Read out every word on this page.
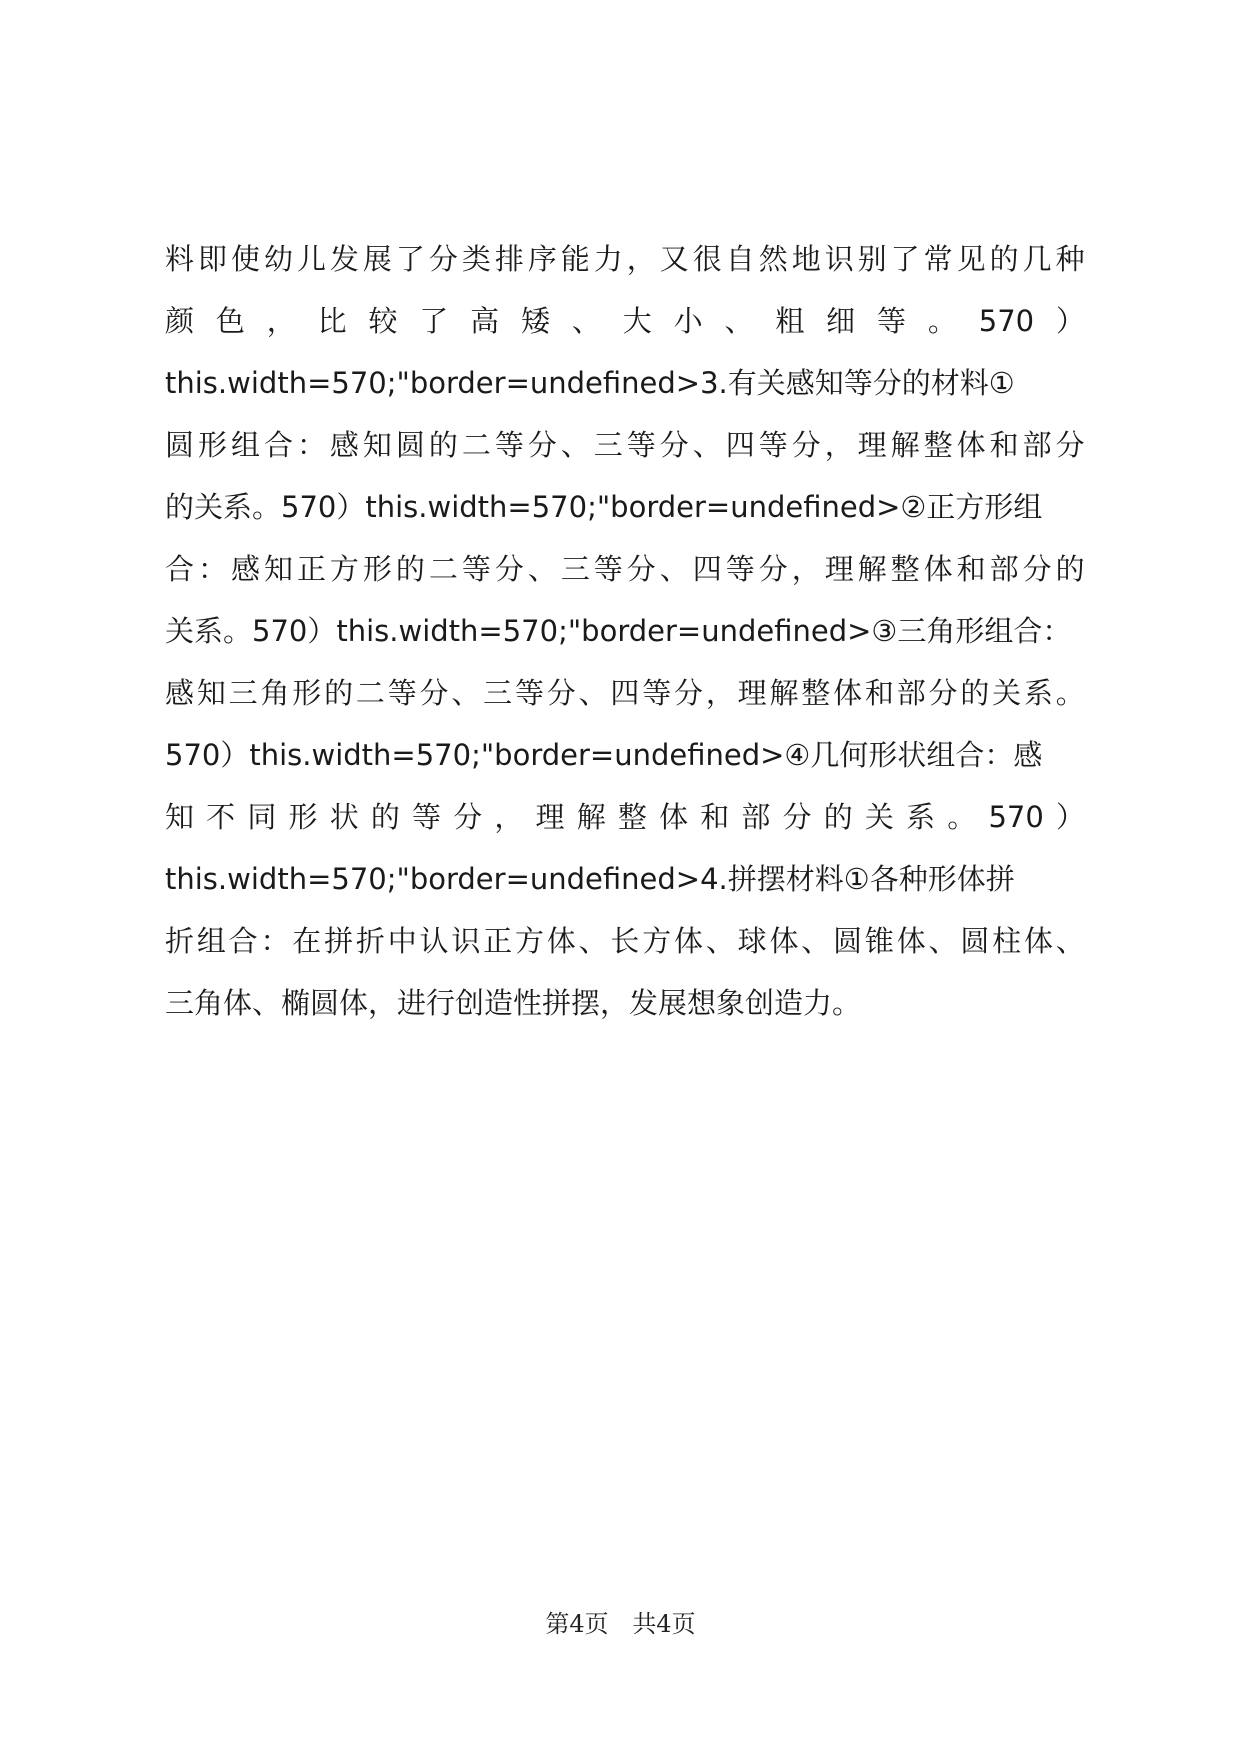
料 即 使 幼 儿 发 展 了 分 类 排 序 能 力 ， 又 很 自 然 地 识 别 了 常 见 的 几 种
颜 色 ， 比 较 了 高 矮 、 大 小 、 粗 细 等 。 570 ）
this.width=570;"border=undefined>3.有关感知等分的材料①
圆 形 组 合 ： 感 知 圆 的 二 等 分 、 三 等 分 、 四 等 分 ， 理 解 整 体 和 部 分
的关系。570）this.width=570;"border=undefined>②正方形组
合 ： 感 知 正 方 形 的 二 等 分 、 三 等 分 、 四 等 分 ， 理 解 整 体 和 部 分 的
关系。570）this.width=570;"border=undefined>③三角形组合：
感 知 三 角 形 的 二 等 分 、 三 等 分 、 四 等 分 ， 理 解 整 体 和 部 分 的 关 系 。
570）this.width=570;"border=undefined>④几何形状组合：感
知 不 同 形 状 的 等 分 ， 理 解 整 体 和 部 分 的 关 系 。 570 ）
this.width=570;"border=undefined>4.拼摆材料①各种形体拼
折 组 合 ： 在 拼 折 中 认 识 正 方 体 、 长 方 体 、 球 体 、 圆 锥 体 、 圆 柱 体 、
三角体、椭圆体，进行创造性拼摆，发展想象创造力。
第4页 共4页
